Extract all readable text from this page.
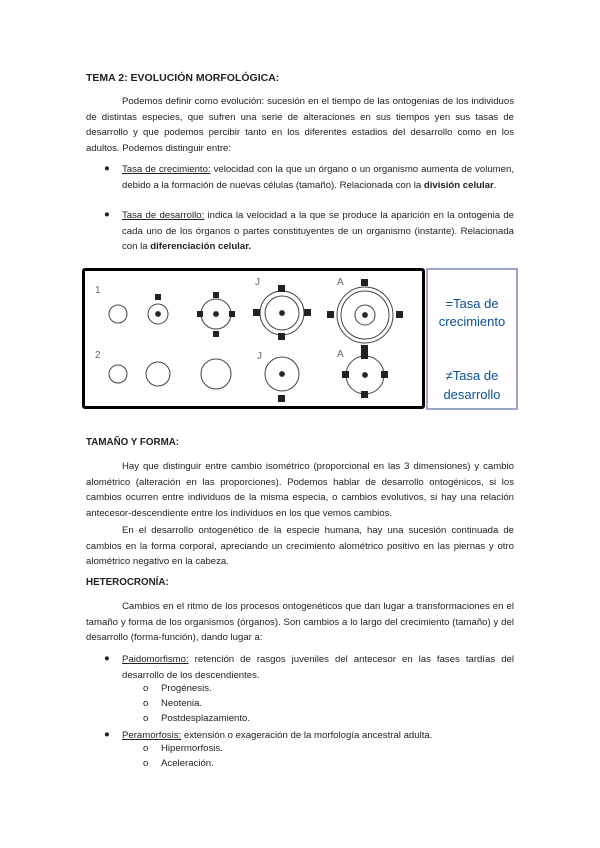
TEMA 2: EVOLUCIÓN MORFOLÓGICA:
Podemos definir como evolución: sucesión en el tiempo de las ontogenias de los individuos de distintas especies, que sufren una serie de alteraciones en sus tiempos yen sus tasas de desarrollo y que podemos percibir tanto en los diferentes estadios del desarrollo como en los adultos. Podemos distinguir entre:
● Tasa de crecimiento: velocidad con la que un órgano o un organismo aumenta de volumen, debido a la formación de nuevas células (tamaño). Relacionada con la división celular.
● Tasa de desarrollo: indica la velocidad a la que se produce la aparición en la ontogenia de cada uno de los órganos o partes constituyentes de un organismo (instante). Relacionada con la diferenciación celular.
1
2
J	A
J	A
=Tasa de
crecimiento
≠Tasa de
desarrollo
TAMAÑO Y FORMA:
Hay que distinguir entre cambio isométrico (proporcional en las 3 dimensiones) y cambio alométrico (alteración en las proporciones). Podemos hablar de desarrollo ontogénicos, si los cambios ocurren entre individuos de la misma especia, o cambios evolutivos, si hay una relación antecesor-descendiente entre los individuos en los que vemos cambios.
En el desarrollo ontogenético de la especie humana, hay una sucesión continuada de cambios en la forma corporal, apreciando un crecimiento alométrico positivo en las piernas y otro alométrico negativo en la cabeza.
HETEROCRONÍA:
Cambios en el ritmo de los procesos ontogenéticos que dan lugar a transformaciones en el tamaño y forma de los organismos (órganos). Son cambios a lo largo del crecimiento (tamaño) y del desarrollo (forma-función), dando lugar a:
● Paidomorfismo: retención de rasgos juveniles del antecesor en las fases tardías del desarrollo de los descendientes.
o Progénesis.
o Neotenia.
o Postdesplazamiento.
● Peramorfosis: extensión o exageración de la morfología ancestral adulta.
o Hipermorfosis.
o Aceleración.
